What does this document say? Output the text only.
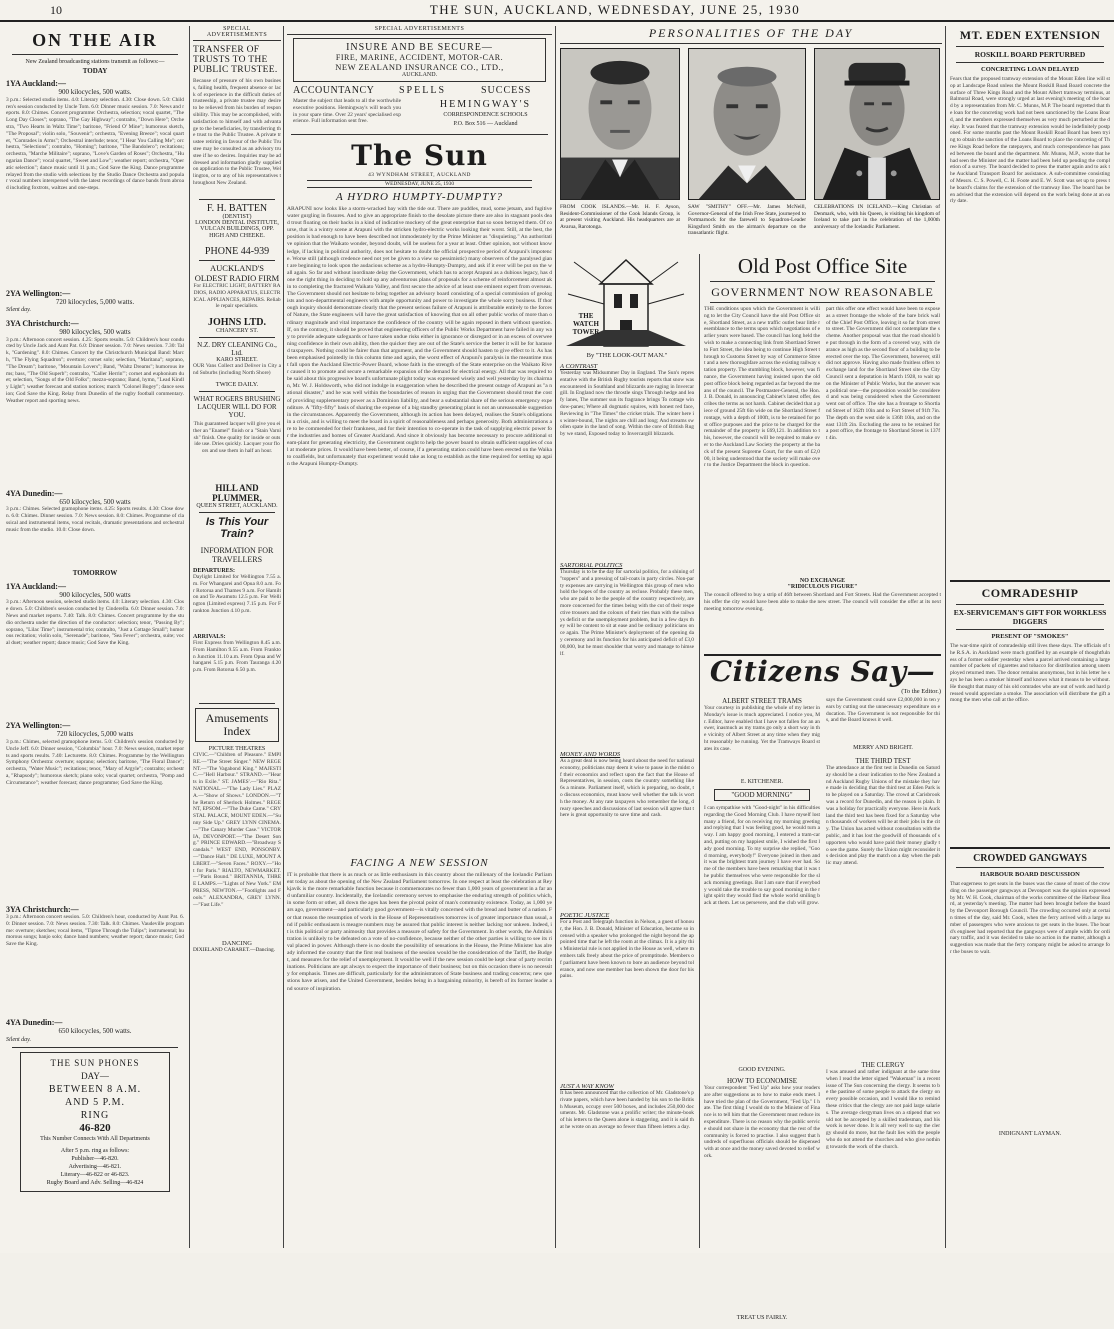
10	THE SUN, AUCKLAND, WEDNESDAY, JUNE 25, 1930
ON THE AIR
New Zealand broadcasting stations transmit as follows:—
TODAY
1YA Auckland:—
900 kilocycles, 500 watts.
3 p.m.: Selected studio items. 4.0: Literary selection. 4.30: Close down. 5.0: Children's session conducted by Uncle Tom. 6.0: Dinner music session. 7.0: News and reports. 8.0: Chimes. Concert programme: Orchestra, selection; vocal quartet, "The Long Day Closes"; soprano, "The Gay Highway"; contralto, "Down Here"; Orchestra, "Two Hearts in Waltz Time"; baritone, "Friend O' Mine"; humorous sketch, "The Proposal"; violin solo, "Souvenir"; orchestra, "Evening Breeze"; vocal quartet, "Comrades in Arms"; Orchestral interlude; tenor, "I Hear You Calling Me"; orchestra, "Selections"; contralto, "Homing"; baritone, "The Bandolero"; recitations; orchestra, "Marche Militaire"; soprano, "Love's Garden of Roses"; Orchestra, "Hungarian Dance"; vocal quartet, "Sweet and Low"; weather report; orchestra, "Operatic selection"; dance music until 11 p.m.; God Save the King. Dance programme relayed from the studio with selections by the Studio Dance Orchestra and popular vocal numbers interspersed with the latest recordings of dance bands from abroad including foxtrots, waltzes and one-steps.
2YA Wellington:—
720 kilocycles, 5,000 watts.
Silent day.
3YA Christchurch:—
980 kilocycles, 500 watts
3 p.m.: Afternoon concert session. 4.25: Sports results. 5.0: Children's hour conducted by Uncle Jack and Aunt Pat. 6.0: Dinner session. 7.0: News session. 7.30: Talk, "Gardening". 8.0: Chimes. Concert by the Christchurch Municipal Band: March, "The Flying Squadron"; overture; cornet solo; selection, "Maritana"; soprano, "The Dream"; baritone, "Mountain Lovers"; Band, "Waltz Dreams"; humorous items; bass, "The Old Superb"; contralto, "Caller Herrin'"; cornet and euphonium duet; selection, "Songs of the Old Folks"; mezzo-soprano; Band, hymn, "Lead Kindly Light"; weather forecast and station notices; march "Colonel Bogey"; dance session; God Save the King. Relay from Dunedin of the rugby football commentary. Weather report and sporting news.
4YA Dunedin:—
650 kilocycles, 500 watts
3 p.m.: Chimes. Selected gramophone items. 4.25: Sports results. 4.30: Close down. 6.0: Chimes. Dinner session. 7.0: News session. 8.0: Chimes. Programme of classical and instrumental items, vocal recitals, dramatic presentations and orchestral music from the studio. 10.0: Close down.
TOMORROW
1YA Auckland:—
900 kilocycles, 500 watts
3 p.m.: Afternoon session, selected studio items. 4.0: Literary selection. 4.30: Close down. 5.0: Children's session conducted by Cinderella. 6.0: Dinner session. 7.0: News and market reports. 7.40: Talk. 8.0: Chimes. Concert programme by the studio orchestra under the direction of the conductor: selection; tenor, "Passing By"; soprano, "Lilac Time"; instrumental trio; contralto, "Just a Cottage Small"; humorous recitation; violin solo, "Serenade"; baritone, "Sea Fever"; orchestra, suite; vocal duet; weather report; dance music; God Save the King.
2YA Wellington:—
720 kilocycles, 5,000 watts
3 p.m.: Chimes, selected gramophone items. 5.0: Children's session conducted by Uncle Jeff. 6.0: Dinner session, "Columbia" hour. 7.0: News session, market reports and sports results. 7.40: Lecturette. 8.0: Chimes. Programme by the Wellington Symphony Orchestra: overture; soprano; selection; baritone, "The Floral Dance"; orchestra, "Water Music"; recitations; tenor, "Mary of Argyle"; contralto; orchestra, "Rhapsody"; humorous sketch; piano solo; vocal quartet; orchestra, "Pomp and Circumstance"; weather forecast; dance programme; God Save the King.
3YA Christchurch:—
3 p.m.: Afternoon concert session. 5.0: Children's hour, conducted by Aunt Pat. 6.0: Dinner session. 7.0: News session. 7.30: Talk. 8.0: Chimes. Vaudeville programme: overture; sketches; vocal items, "Tiptoe Through the Tulips"; instrumental; humorous songs; banjo solo; dance band numbers; weather report; dance music; God Save the King.
4YA Dunedin:—
650 kilocycles, 500 watts.
Silent day.
THE SUN PHONES
DAY—
BETWEEN 8 A.M.
AND 5 P.M.
RING
46-820
This Number Connects With All Departments
After 5 p.m. ring as follows:
Publisher—46-820.
Advertising—46-821.
Literary—46-822 or 46-823.
Rugby Board and Adv. Selling—46-824
SPECIAL ADVERTISEMENTS
TRANSFER OF TRUSTS TO THE PUBLIC TRUSTEE.
Because of pressure of his own business, failing health, frequent absence or lack of experience in the difficult duties of trusteeship, a private trustee may desire to be relieved from his burden of responsibility. This may be accomplished, with satisfaction to himself and with advantage to the beneficiaries, by transferring the trust to the Public Trustee. A private trustee retiring in favour of the Public Trustee may be consulted as an advisory trustee if he so desires. Inquiries may be addressed and information gladly supplied on application to the Public Trustee, Wellington, or to any of his representatives throughout New Zealand.
F. H. BATTEN
(DENTIST)
LONDON DENTAL INSTITUTE,
VULCAN BUILDINGS, OPP. HIGH AND CHEEKE.
PHONE 44-939
AUCKLAND'S OLDEST RADIO FIRM
For ELECTRIC LIGHT, BATTERY RADIOS, RADIO APPARATUS, ELECTRICAL APPLIANCES, REPAIRS. Reliable repair specialists.
JOHNS LTD.
CHANCERY ST.
N.Z. DRY CLEANING Co., Ltd.
KARO STREET.
OUR Vans Collect and Deliver in City and Suburbs (including North Shore)
TWICE DAILY.
WHAT ROGERS BRUSHING LACQUER WILL DO FOR YOU.
This guaranteed lacquer will give you either an "Enamel" finish or a "Stain Varnish" finish. One quality for inside or outside use. Dries quickly. Lacquer your floors and use them in half an hour.
HILL AND PLUMMER,
QUEEN STREET, AUCKLAND.
Is This Your Train?
INFORMATION FOR TRAVELLERS
DEPARTURES:
Daylight Limited for Wellington 7.55 a.m. For Whangarei and Opua 8.0 a.m. For Rotorua and Thames 9 a.m. For Hamilton and Te Awamutu 12.5 p.m. For Wellington (Limited express) 7.15 p.m. For Frankton Junction 4.10 p.m.
ARRIVALS:
First Express from Wellington 8.45 a.m. From Hamilton 9.55 a.m. From Frankton Junction 11.10 a.m. From Opua and Whangarei 5.15 p.m. From Tauranga 4.20 p.m. From Rotorua 6.50 p.m.
Amusements Index
PICTURE THEATRES
CIVIC.—"Children of Pleasure." EMPIRE.—"The Street Singer." NEW REGENT.—"The Vagabond King." MAJESTIC.—"Hell Harbour." STRAND.—"Hearts in Exile." ST. JAMES'.—"Rio Rita." NATIONAL.—"The Lady Lies." PLAZA.—"Show of Shows." LONDON.—"The Return of Sherlock Holmes." REGENT, EPSOM.—"The Duke Came." CRYSTAL PALACE, MOUNT EDEN.—"Sunny Side Up." GREY LYNN CINEMA.—"The Canary Murder Case." VICTORIA, DEVONPORT.—"The Desert Song." PRINCE EDWARD.—"Broadway Scandals." WEST END, PONSONBY.—"Dance Hall." DE LUXE, MOUNT ALBERT.—"Seven Faces." ROXY.—"Hot for Paris." RIALTO, NEWMARKET.—"Paris Bound." BRITANNIA, THREE LAMPS.—"Lights of New York." EMPRESS, NEWTON.—"Footlights and Fools." ALEXANDRA, GREY LYNN.—"Fast Life."
DANCING
DIXIELAND CABARET.—Dancing.
SPECIAL ADVERTISEMENTS
INSURE AND BE SECURE—
FIRE, MARINE, ACCIDENT, MOTOR-CAR.
NEW ZEALAND INSURANCE CO., LTD.,
AUCKLAND.
ACCOUNTANCY SPELLS	SUCCESS
Master the subject that leads to all the worthwhile executive positions. Hemingway's will teach you in your spare time. Over 22 years' specialised experience. Full information sent free.
HEMINGWAY'S
CORRESPONDENCE SCHOOLS
P.O. Box 516 — Auckland
The Sun
43 WYNDHAM STREET, AUCKLAND
WEDNESDAY, JUNE 25, 1930
A HYDRO HUMPTY-DUMPTY?
ARAPUNI now looks like a storm-wracked bay with the tide out. There are puddles, mud, some jetsam, and fugitive water gurgling in fissures. And to give an appropriate finish to the desolate picture there are also in stagnant pools dead trout floating on their backs in a kind of indicative mockery of the great enterprise that so soon betrayed them. Of course, that is a wintry scene at Arapuni with the stricken hydro-electric works looking their worst. Still, at the best, the position is bad enough to have been described not immoderately by the Prime Minister as "disquieting." An authoritative opinion that the Waikato wonder, beyond doubt, will be useless for a year at least. Other opinion, not without knowledge, if lacking in political authority, does not hesitate to doubt the official prospective period of Arapuni's impotence. Worse still (although credence need not yet be given to a view so pessimistic) many observers of the paralysed giant are beginning to look upon the audacious scheme as a hydro-Humpty-Dumpty, and ask if it ever will be put on the wall again. So far and without inordinate delay the Government, which has to accept Arapuni as a dubious legacy, has done the right thing in deciding to hold up any adventurous plans of proposals for a scheme of reinforcement almost akin to completing the fractured Waikato Valley, and first secure the advice of at least one eminent expert from overseas. The Government should not hesitate to bring together an advisory board consisting of a special commission of geologists and non-departmental engineers with ample opportunity and power to investigate the whole sorry business. If thorough inquiry should demonstrate clearly that the present serious failure of Arapuni is attributable entirely to the forces of Nature, the State engineers will have the great satisfaction of knowing that on all other public works of more than ordinary magnitude and vital importance the confidence of the country will be again reposed in them without question. If, on the contrary, it should be proved that engineering officers of the Public Works Department have failed in any way to provide adequate safeguards or have taken undue risks either in ignorance or disregard or in an excess of overweening confidence in their own ability, then the quicker they are out of the State's service the better it will be for harassed taxpayers. Nothing could be fairer than that argument, and the Government should hasten to give effect to it. As has been emphasised pointedly in this column time and again, the worst effect of Arapuni's paralysis in the meantime must fall upon the Auckland Electric-Power Board, whose faith in the strength of the State enterprise on the Waikato River caused it to promote and secure a remarkable expansion of the demand for electrical energy. All that was required to be said about this progressive board's unfortunate plight today was expressed wisely and well yesterday by its chairman, Mr. W. J. Holdsworth, who did not indulge in exaggeration when he described the present outage of Arapuni as "a national disaster," and he was well within the boundaries of reason in urging that the Government should treat the cost of providing supplementary power as a Dominion liability, and bear a substantial share of the serious emergency expenditure. A "fifty-fifty" basis of sharing the expense of a big standby generating plant is not an unreasonable suggestion in the circumstances. Apparently the Government, although its action has been delayed, realises the State's obligations in a crisis, and is willing to meet the board in a spirit of reasonableness and perhaps generosity. Both administrations are to be commended for their frankness, and for their intention to co-operate in the task of supplying electric power for the industries and homes of Greater Auckland. And since it obviously has become necessary to procure additional steam-plant for generating electricity, the Government ought to help the power board to obtain sufficient supplies of coal at moderate prices. It would have been better, of course, if a generating station could have been erected on the Waikato coalfields, but unfortunately that experiment would take as long to establish as the time required for setting up again the Arapuni Humpty-Dumpty.
FACING A NEW SESSION
IT is probable that there is as much or as little enthusiasm in this country about the millenary of the Icelandic Parliament today as about the opening of the New Zealand Parliament tomorrow. In one respect at least the celebration at Reykjavik is the more remarkable function because it commemorates no fewer than 1,000 years of government in a far and unfamiliar country. Incidentally, the Icelandic ceremony serves to emphasise the enduring strength of politics which, in some form or other, all down the ages has been the pivotal point of man's community existence. Today, as 1,000 years ago, government—and particularly good government—is vitally concerned with the bread and butter of a nation. For that reason the resumption of work in the House of Representatives tomorrow is of greater importance than usual, and if public enthusiasm is meagre numbers may be assured that public interest is neither lacking nor unkeen. Indeed, it is this political or party animosity that provides a measure of safety for the Government. In other words, the Administration is unlikely to be defeated on a vote of no-confidence, because neither of the other parties is willing to see its rival placed in power. Although there is no doubt the possibility of sensations in the House, the Prime Minister has already informed the country that the first real business of the session would be the consideration of the Tariff, the Budget, and measures for the relief of unemployment. It would be well if the new session could be kept clear of party recriminations. Politicians are apt always to expect the importance of their business; but on this occasion there is no necessity for emphasis. Times are difficult, particularly for the administrators of State business and trading concerns; new questions have arisen, and the United Government, besides being in a bargaining minority, is bereft of its former leader and source of inspiration.
PERSONALITIES OF THE DAY
FROM COOK ISLANDS.—Mr. H. F. Ayson, Resident-Commissioner of the Cook Islands Group, is at present visiting Auckland. His headquarters are at Avarua, Rarotonga.
SAW "SMITHY" OFF.—Mr. James McNeill, Governor-General of the Irish Free State, journeyed to Portmarnock for the farewell to Squadron-Leader Kingsford Smith on the airman's departure on the transatlantic flight.
CELEBRATIONS IN ICELAND.—King Christian of Denmark, who, with his Queen, is visiting his kingdom of Iceland to take part in the celebration of the 1,000th anniversary of the Icelandic Parliament.
THE WATCH TOWER
By "THE LOOK-OUT MAN."
A CONTRAST
Yesterday was Midsummer Day in England. The Sun's representative with the British Rugby tourists reports that snow was encountered in Southland and blizzards are raging in Invercargill. In England now the throstle sings Through hedge and leafy lanes, The summer sun its fragrance brings To cottage window-panes; Where all dogmatic squires, with honest red face, Reviewing in "The Times" the cricket trials. The winter here is winter-bound, The nights are chill and long; And streams swollen spate in the land of song. Within the core of British Rugby we stand, Exposed today to Invercargill blizzards.
SARTORIAL POLITICS
Thursday is to be the day for sartorial politics, for a shining of "toppers" and a pressing of tail-coats in party circles. Non-party expenses are carrying in Wellington this group of men who hold the hopes of the country as recluse. Probably these men, who are paid to be the people of the country respectively, are more concerned for the times being with the cut of their respective trousers and the colours of their ties than with the railways deficit or the unemployment problem, but in a few days they will be content to sit at ease and be ordinary politicians once again. The Prime Minister's deployment of the opening day ceremony and its function for his anticipated deficit of £3,000,000, but he must shoulder that worry and manage to himself.
MONEY AND WORDS
As a great deal is now being heard about the need for national economy, politicians may deem it wise to pause in the midst of their economics and reflect upon the fact that the House of Representatives, in session, costs the country something like 6s a minute. Parliament itself, which is preparing, no doubt, to discuss economics, must know well whether the talk is worth the money. At any rate taxpayers who remember the long, dreary speeches and discussions of last session will agree that there is great opportunity to save time and cash.
POETIC JUSTICE
For a Post and Telegraph function in Nelson, a guest of honour, the Hon. J. B. Donald, Minister of Education, became so incensed with a speaker who prolonged the night beyond the appointed time that he left the room at the climax. It is a pity this Ministerial rule is not applied in the House as well, where members talk freely about the price of promptitude. Members of parliament have been known to bore an audience beyond tolerance, and now one member has been shown the door for his pains.
JUST A WAY KNOW
It has been announced that the collection of Mr. Gladstone's private papers, which have been handed by his son to the British Museum, occupy over 500 boxes, and includes 250,000 documents. Mr. Gladstone was a prolific writer; the minute-book of his letters to the Queen alone is staggering, and it is said that he wrote on an average no fewer than fifteen letters a day.
Old Post Office Site
GOVERNMENT NOW REASONABLE
THE conditions upon which the Government is willing to let the City Council have the old Post Office site, Shortland Street, as a new traffic outlet bear little resemblance to the terms upon which negotiations of earlier years were based. The council has long held the wish to make a connecting link from Shortland Street to Fort Street, the idea being to continue High Street through to Customs Street by way of Commerce Street and a new thoroughfare across the existing railway station property. The stumbling block, however, was finance, the Government having insisted upon the old post office block being regarded as far beyond the means of the council. The Postmaster-General, the Hon. J. B. Donald, in announcing Cabinet's latest offer, describes the terms as not harsh. Cabinet decided that a piece of ground 25ft 6in wide on the Shortland Street frontage, with a depth of 100ft, is to be retained for post office purposes and the price to be charged for the remainder of the property is £69,121. In addition to this, however, the council will be required to make over to the Auckland Law Society the property at the back of the present Supreme Court, for the sum of £2,000, it being understood that the society will make over to the Justice Department the block in question.
part this offer one effect would have been to expose as a street frontage the whole of the bare brick wall of the Chief Post Office, leaving it so far from street to street. The Government did not contemplate the scheme. Another proposal was that the road should be put through in the form of a covered way, with clearance as high as the second floor of a building to be erected over the top. The Government, however, still did not approve. Having also made fruitless offers to exchange land for the Shortland Street site the City Council sent a deputation in March 1928, to wait upon the Minister of Public Works, but the answer was a political one—the proposition would be considered and was being considered when the Government went out of office. The site has a frontage to Shortland Street of 162ft 10in and to Fort Street of 91ft 7in. The depth on the west side is 136ft 10in, and on the east 131ft 2in. Excluding the area to be retained for a post office, the frontage to Shortland Street is 137ft 4in.
NO EXCHANGE
"RIDICULOUS FIGURE"
The council offered to buy a strip of 46ft between Shortland and Fort Streets. Had the Government accepted this offer the city would have been able to make the new street. The council will consider the offer at its next meeting tomorrow evening.
Citizens Say—
(To the Editor.)
ALBERT STREET TRAMS
Your courtesy in publishing the whole of my letter in Monday's issue is much appreciated. I notice you, Mr. Editor, have enabled that I have not fallen for an answer, inasmuch as my trams go only a short way in the vicinity of Albert Street at any time when they might reasonably be running. Yet the Tramways Board states its case.
E. KITCHENER.
"GOOD MORNING"
I can sympathise with "Good-night" in his difficulties regarding the Good Morning Club. I have myself lost many a friend, for on receiving my morning greeting and replying that I was feeling good, he would turn away. I am happy good morning, I entered a tram-car and, putting on my happiest smile, I wished the first lady good morning. To my surprise she replied, "Good morning, everybody!" Everyone joined in then and it was the brightest tram journey I have ever had. Some of the members have been remarking that it was the public themselves who were responsible for the slack morning greetings. But I am sure that if everybody would take the trouble to say good morning in the right spirit they would find the whole world smiling back at them. Let us persevere, and the club will grow.
GOOD EVENING.
HOW TO ECONOMISE
Your correspondent "Fed Up" asks how your readers are after suggestions as to how to make ends meet. I have tried the plan of the Government, "Fed Up." I hate. The first thing I would do to the Minister of Finance is to tell him that the Government must reduce its expenditure. There is no reason why the public service should not share in the economy that the rest of the community is forced to practise. I also suggest that hundreds of superfluous officials should be dispensed with at once and the money saved devoted to relief work.
TREAT US FAIRLY.
says the Government could save £2,000,000 in ten years by cutting out the unnecessary expenditure on education. The Government is not responsible for this, and the Board knows it well.
MERRY AND BRIGHT.
THE THIRD TEST
The attendance at the first test in Dunedin on Saturday should be a clear indication to the New Zealand and Auckland Rugby Unions of the mistake they have made in deciding that the third test at Eden Park is to be played on a Saturday. The crowd at Carisbrook was a record for Dunedin, and the reason is plain. It was a holiday for practically everyone. Here in Auckland the third test has been fixed for a Saturday when thousands of workers will be at their jobs in the city. The Union has acted without consultation with the public, and it has lost the goodwill of thousands of supporters who would have paid their money gladly to see the game. Surely the Union might reconsider its decision and play the match on a day when the public may attend.
THE CLERGY
I was amused and rather indignant at the same time when I read the letter signed "Wakeman" in a recent issue of The Sun concerning the clergy. It seems to be the pastime of some people to attack the clergy on every possible occasion, and I would like to remind these critics that the clergy are not paid large salaries. The average clergyman lives on a stipend that would not be accepted by a skilled tradesman, and his work is never done. It is all very well to say the clergy should do more, but the fault lies with the people who do not attend the churches and who give nothing towards the work of the church.
MT. EDEN EXTENSION
ROSKILL BOARD PERTURBED
CONCRETING LOAN DELAYED
Fears that the proposed tramway extension of the Mount Eden line will stop at Landscape Road unless the Mount Roskill Road Board concrete the surface of Three Kings Road and the Mount Albert tramway terminus, at Balmoral Road, were strongly urged at last evening's meeting of the board by a representation from Mr. C. Munns, M.P. The board regretted that the loan for the concreting work had not been sanctioned by the Loans Board, and the members expressed themselves as very much perturbed at the delay. It was feared that the tramway extension would be indefinitely postponed. For some months past the Mount Roskill Road Board has been trying to obtain the sanction of the Loans Board to place the concreting of Three Kings Road before the ratepayers, and much correspondence has passed between the board and the department. Mr. Munns, M.P., wrote that he had seen the Minister and the matter had been held up pending the completion of a survey. The board decided to press the matter again and to ask the Auckland Transport Board for assistance. A sub-committee consisting of Messrs. C. S. Powell, C. H. Foote and E. W. Scott was set up to press the board's claims for the extension of the tramway line. The board has been advised that the extension will depend on the work being done at an early date.
COMRADESHIP
EX-SERVICEMAN'S GIFT FOR WORKLESS DIGGERS
PRESENT OF "SMOKES"
The war-time spirit of comradeship still lives these days. The officials of the R.S.A. in Auckland were much gratified by an example of thoughtfulness of a former soldier yesterday when a parcel arrived containing a large number of packets of cigarettes and tobacco for distribution among unemployed returned men. The donor remains anonymous, but in his letter he says he has been a smoker himself and knows what it means to be without. He thought that many of his old comrades who are out of work and hard pressed would appreciate a smoke. The association will distribute the gift among the men who call at the office.
CROWDED GANGWAYS
HARBOUR BOARD DISCUSSION
That eagerness to get seats in the buses was the cause of most of the crowding on the passenger gangways at Devonport was the opinion expressed by Mr. W. H. Cook, chairman of the works committee of the Harbour Board, at yesterday's meeting. The matter had been brought before the board by the Devonport Borough Council. The crowding occurred only at certain times of the day, said Mr. Cook, when the ferry arrived with a large number of passengers who were anxious to get seats in the buses. The board's engineer had reported that the gangways were of ample width for ordinary traffic, and it was decided to take no action in the matter, although a suggestion was made that the ferry company might be asked to arrange for the buses to wait.
INDIGNANT LAYMAN.
